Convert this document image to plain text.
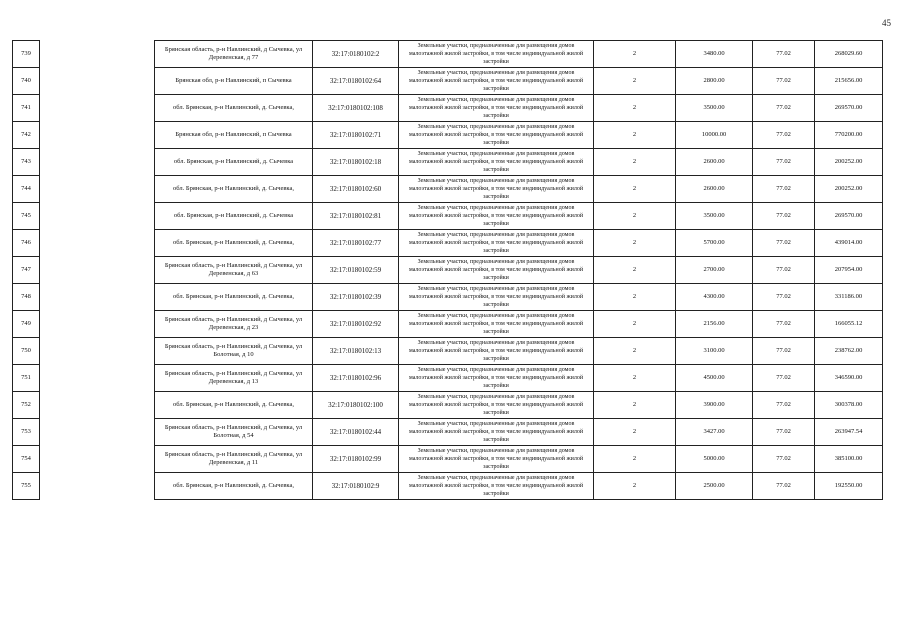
45
739		Брянская область, р-н Навлинский, д Сычевка, ул Деревенская, д 77	32:17:0180102:2	Земельные участки, предназначенные для размещения домов малоэтажной жилой застройки, в том числе индивидуальной жилой застройки	2	3480.00	77.02	268029.60
740		Брянская обл, р-н Навлинский, п Сычевка	32:17:0180102:64	Земельные участки, предназначенные для размещения домов малоэтажной жилой застройки, в том числе индивидуальной жилой застройки	2	2800.00	77.02	215656.00
741		обл. Брянская, р-н Навлинский, д. Сычевка,	32:17:0180102:108	Земельные участки, предназначенные для размещения домов малоэтажной жилой застройки, в том числе индивидуальной жилой застройки	2	3500.00	77.02	269570.00
742		Брянская обл, р-н Навлинский, п Сычевка	32:17:0180102:71	Земельные участки, предназначенные для размещения домов малоэтажной жилой застройки, в том числе индивидуальной жилой застройки	2	10000.00	77.02	770200.00
743		обл. Брянская, р-н Навлинский, д. Сычевка	32:17:0180102:18	Земельные участки, предназначенные для размещения домов малоэтажной жилой застройки, в том числе индивидуальной жилой застройки	2	2600.00	77.02	200252.00
744		обл. Брянская, р-н Навлинский, д. Сычевка,	32:17:0180102:60	Земельные участки, предназначенные для размещения домов малоэтажной жилой застройки, в том числе индивидуальной жилой застройки	2	2600.00	77.02	200252.00
745		обл. Брянская, р-н Навлинский, д. Сычевка	32:17:0180102:81	Земельные участки, предназначенные для размещения домов малоэтажной жилой застройки, в том числе индивидуальной жилой застройки	2	3500.00	77.02	269570.00
746		обл. Брянская, р-н Навлинский, д. Сычевка,	32:17:0180102:77	Земельные участки, предназначенные для размещения домов малоэтажной жилой застройки, в том числе индивидуальной жилой застройки	2	5700.00	77.02	439014.00
747		Брянская область, р-н Навлинский, д Сычевка, ул Деревенская, д 63	32:17:0180102:59	Земельные участки, предназначенные для размещения домов малоэтажной жилой застройки, в том числе индивидуальной жилой застройки	2	2700.00	77.02	207954.00
748		обл. Брянская, р-н Навлинский, д. Сычевка,	32:17:0180102:39	Земельные участки, предназначенные для размещения домов малоэтажной жилой застройки, в том числе индивидуальной жилой застройки	2	4300.00	77.02	331186.00
749		Брянская область, р-н Навлинский, д Сычевка, ул Деревенская, д 23	32:17:0180102:92	Земельные участки, предназначенные для размещения домов малоэтажной жилой застройки, в том числе индивидуальной жилой застройки	2	2156.00	77.02	166055.12
750		Брянская область, р-н Навлинский, д Сычевка, ул Болотная, д 10	32:17:0180102:13	Земельные участки, предназначенные для размещения домов малоэтажной жилой застройки, в том числе индивидуальной жилой застройки	2	3100.00	77.02	238762.00
751		Брянская область, р-н Навлинский, д Сычевка, ул Деревенская, д 13	32:17:0180102:96	Земельные участки, предназначенные для размещения домов малоэтажной жилой застройки, в том числе индивидуальной жилой застройки	2	4500.00	77.02	346590.00
752		обл. Брянская, р-н Навлинский, д. Сычевка,	32:17:0180102:100	Земельные участки, предназначенные для размещения домов малоэтажной жилой застройки, в том числе индивидуальной жилой застройки	2	3900.00	77.02	300378.00
753		Брянская область, р-н Навлинский, д Сычевка, ул Болотная, д 54	32:17:0180102:44	Земельные участки, предназначенные для размещения домов малоэтажной жилой застройки, в том числе индивидуальной жилой застройки	2	3427.00	77.02	263947.54
754		Брянская область, р-н Навлинский, д Сычевка, ул Деревенская, д 11	32:17:0180102:99	Земельные участки, предназначенные для размещения домов малоэтажной жилой застройки, в том числе индивидуальной жилой застройки	2	5000.00	77.02	385100.00
755		обл. Брянская, р-н Навлинский, д. Сычевка,	32:17:0180102:9	Земельные участки, предназначенные для размещения домов малоэтажной жилой застройки, в том числе индивидуальной жилой застройки	2	2500.00	77.02	192550.00
